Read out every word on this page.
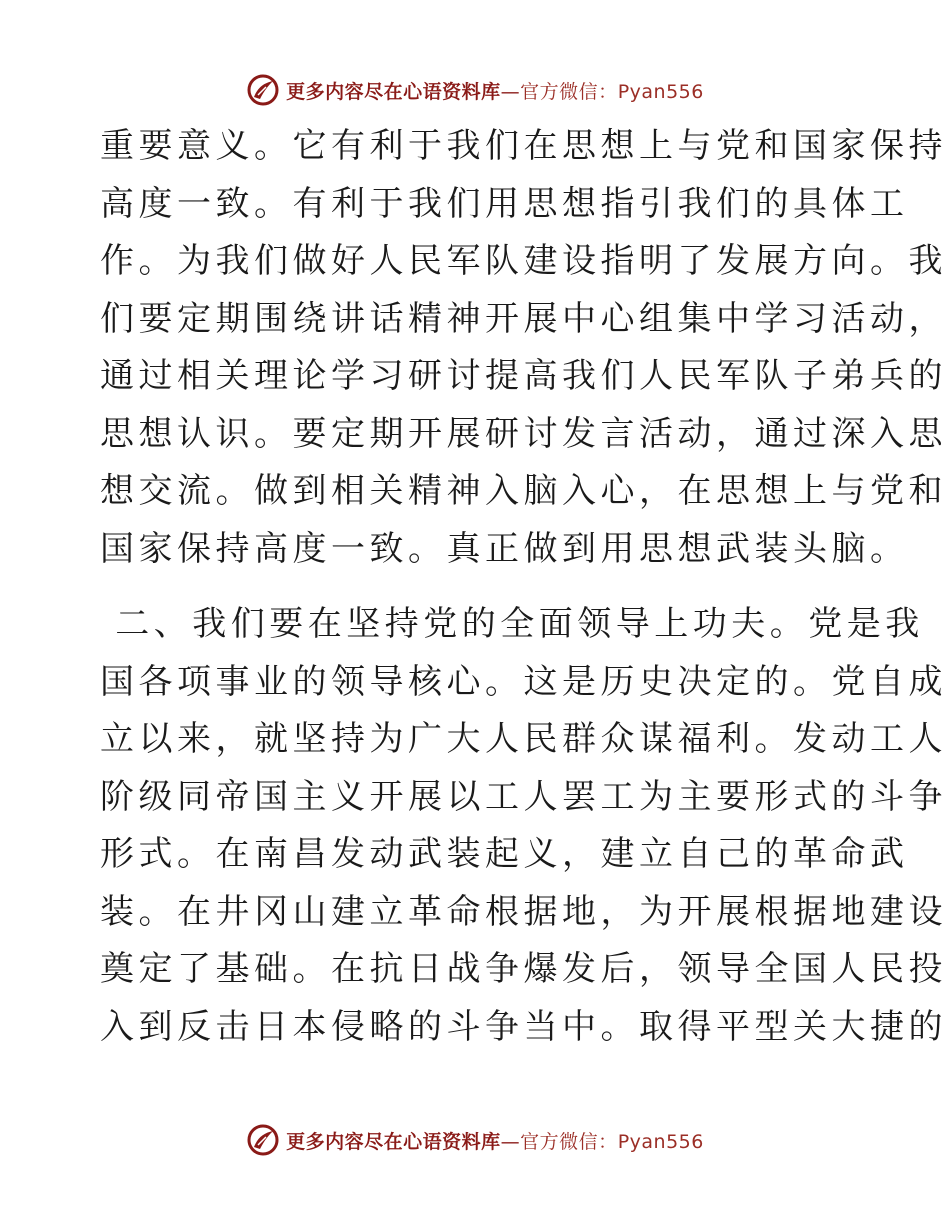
更多内容尽在心语资料库—官方微信：Pyan556
重要意义。它有利于我们在思想上与党和国家保持
高度一致。有利于我们用思想指引我们的具体工
作。为我们做好人民军队建设指明了发展方向。我
们要定期围绕讲话精神开展中心组集中学习活动，
通过相关理论学习研讨提高我们人民军队子弟兵的
思想认识。要定期开展研讨发言活动，通过深入思
想交流。做到相关精神入脑入心，在思想上与党和
国家保持高度一致。真正做到用思想武装头脑。
二、我们要在坚持党的全面领导上功夫。党是我
国各项事业的领导核心。这是历史决定的。党自成
立以来，就坚持为广大人民群众谋福利。发动工人
阶级同帝国主义开展以工人罢工为主要形式的斗争
形式。在南昌发动武装起义，建立自己的革命武
装。在井冈山建立革命根据地，为开展根据地建设
奠定了基础。在抗日战争爆发后，领导全国人民投
入到反击日本侵略的斗争当中。取得平型关大捷的
更多内容尽在心语资料库—官方微信：Pyan556
